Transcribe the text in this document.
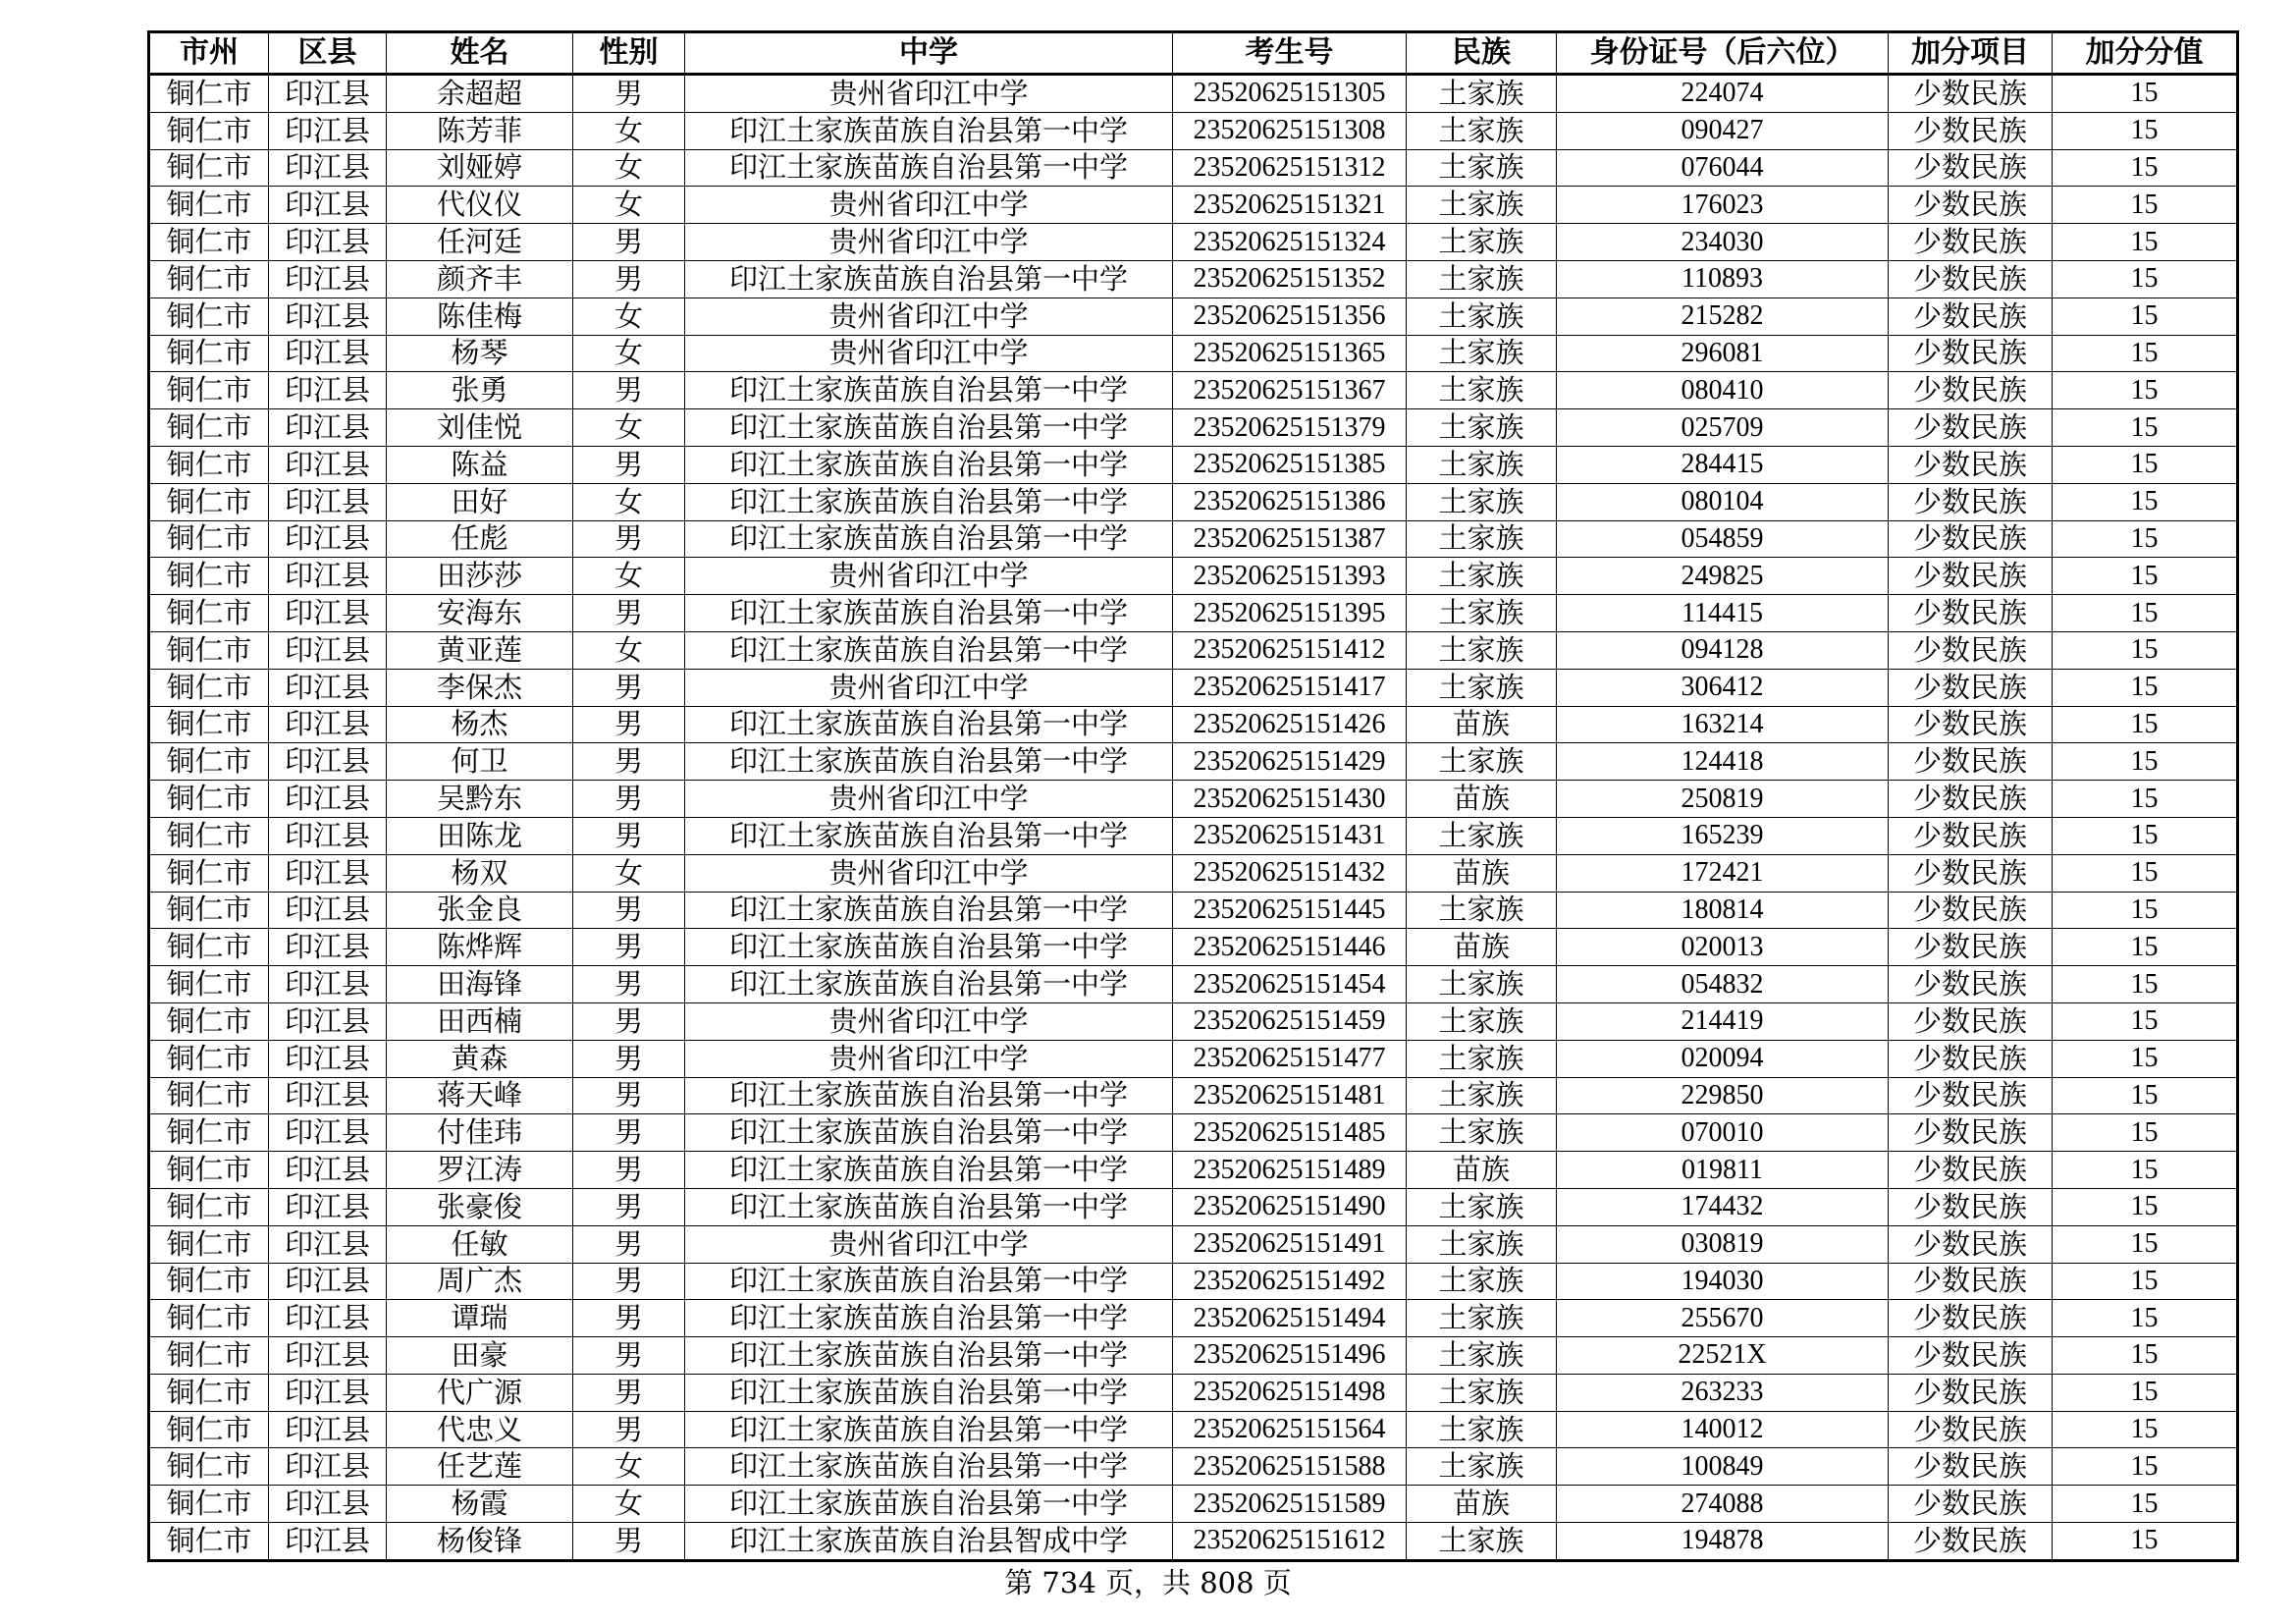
市州	区县	姓名	性别	中学	考生号	民族	身份证号（后六位）	加分项目	加分分值
铜仁市	印江县	余超超	男	贵州省印江中学	23520625151305	土家族	224074	少数民族	15
铜仁市	印江县	陈芳菲	女	印江土家族苗族自治县第一中学	23520625151308	土家族	090427	少数民族	15
铜仁市	印江县	刘娅婷	女	印江土家族苗族自治县第一中学	23520625151312	土家族	076044	少数民族	15
铜仁市	印江县	代仪仪	女	贵州省印江中学	23520625151321	土家族	176023	少数民族	15
铜仁市	印江县	任河廷	男	贵州省印江中学	23520625151324	土家族	234030	少数民族	15
铜仁市	印江县	颜齐丰	男	印江土家族苗族自治县第一中学	23520625151352	土家族	110893	少数民族	15
铜仁市	印江县	陈佳梅	女	贵州省印江中学	23520625151356	土家族	215282	少数民族	15
铜仁市	印江县	杨琴	女	贵州省印江中学	23520625151365	土家族	296081	少数民族	15
铜仁市	印江县	张勇	男	印江土家族苗族自治县第一中学	23520625151367	土家族	080410	少数民族	15
铜仁市	印江县	刘佳悦	女	印江土家族苗族自治县第一中学	23520625151379	土家族	025709	少数民族	15
铜仁市	印江县	陈益	男	印江土家族苗族自治县第一中学	23520625151385	土家族	284415	少数民族	15
铜仁市	印江县	田好	女	印江土家族苗族自治县第一中学	23520625151386	土家族	080104	少数民族	15
铜仁市	印江县	任彪	男	印江土家族苗族自治县第一中学	23520625151387	土家族	054859	少数民族	15
铜仁市	印江县	田莎莎	女	贵州省印江中学	23520625151393	土家族	249825	少数民族	15
铜仁市	印江县	安海东	男	印江土家族苗族自治县第一中学	23520625151395	土家族	114415	少数民族	15
铜仁市	印江县	黄亚莲	女	印江土家族苗族自治县第一中学	23520625151412	土家族	094128	少数民族	15
铜仁市	印江县	李保杰	男	贵州省印江中学	23520625151417	土家族	306412	少数民族	15
铜仁市	印江县	杨杰	男	印江土家族苗族自治县第一中学	23520625151426	苗族	163214	少数民族	15
铜仁市	印江县	何卫	男	印江土家族苗族自治县第一中学	23520625151429	土家族	124418	少数民族	15
铜仁市	印江县	吴黔东	男	贵州省印江中学	23520625151430	苗族	250819	少数民族	15
铜仁市	印江县	田陈龙	男	印江土家族苗族自治县第一中学	23520625151431	土家族	165239	少数民族	15
铜仁市	印江县	杨双	女	贵州省印江中学	23520625151432	苗族	172421	少数民族	15
铜仁市	印江县	张金良	男	印江土家族苗族自治县第一中学	23520625151445	土家族	180814	少数民族	15
铜仁市	印江县	陈烨辉	男	印江土家族苗族自治县第一中学	23520625151446	苗族	020013	少数民族	15
铜仁市	印江县	田海锋	男	印江土家族苗族自治县第一中学	23520625151454	土家族	054832	少数民族	15
铜仁市	印江县	田西楠	男	贵州省印江中学	23520625151459	土家族	214419	少数民族	15
铜仁市	印江县	黄森	男	贵州省印江中学	23520625151477	土家族	020094	少数民族	15
铜仁市	印江县	蒋天峰	男	印江土家族苗族自治县第一中学	23520625151481	土家族	229850	少数民族	15
铜仁市	印江县	付佳玮	男	印江土家族苗族自治县第一中学	23520625151485	土家族	070010	少数民族	15
铜仁市	印江县	罗江涛	男	印江土家族苗族自治县第一中学	23520625151489	苗族	019811	少数民族	15
铜仁市	印江县	张豪俊	男	印江土家族苗族自治县第一中学	23520625151490	土家族	174432	少数民族	15
铜仁市	印江县	任敏	男	贵州省印江中学	23520625151491	土家族	030819	少数民族	15
铜仁市	印江县	周广杰	男	印江土家族苗族自治县第一中学	23520625151492	土家族	194030	少数民族	15
铜仁市	印江县	谭瑞	男	印江土家族苗族自治县第一中学	23520625151494	土家族	255670	少数民族	15
铜仁市	印江县	田豪	男	印江土家族苗族自治县第一中学	23520625151496	土家族	22521X	少数民族	15
铜仁市	印江县	代广源	男	印江土家族苗族自治县第一中学	23520625151498	土家族	263233	少数民族	15
铜仁市	印江县	代忠义	男	印江土家族苗族自治县第一中学	23520625151564	土家族	140012	少数民族	15
铜仁市	印江县	任艺莲	女	印江土家族苗族自治县第一中学	23520625151588	土家族	100849	少数民族	15
铜仁市	印江县	杨霞	女	印江土家族苗族自治县第一中学	23520625151589	苗族	274088	少数民族	15
铜仁市	印江县	杨俊锋	男	印江土家族苗族自治县智成中学	23520625151612	土家族	194878	少数民族	15
第 734 页，共 808 页
